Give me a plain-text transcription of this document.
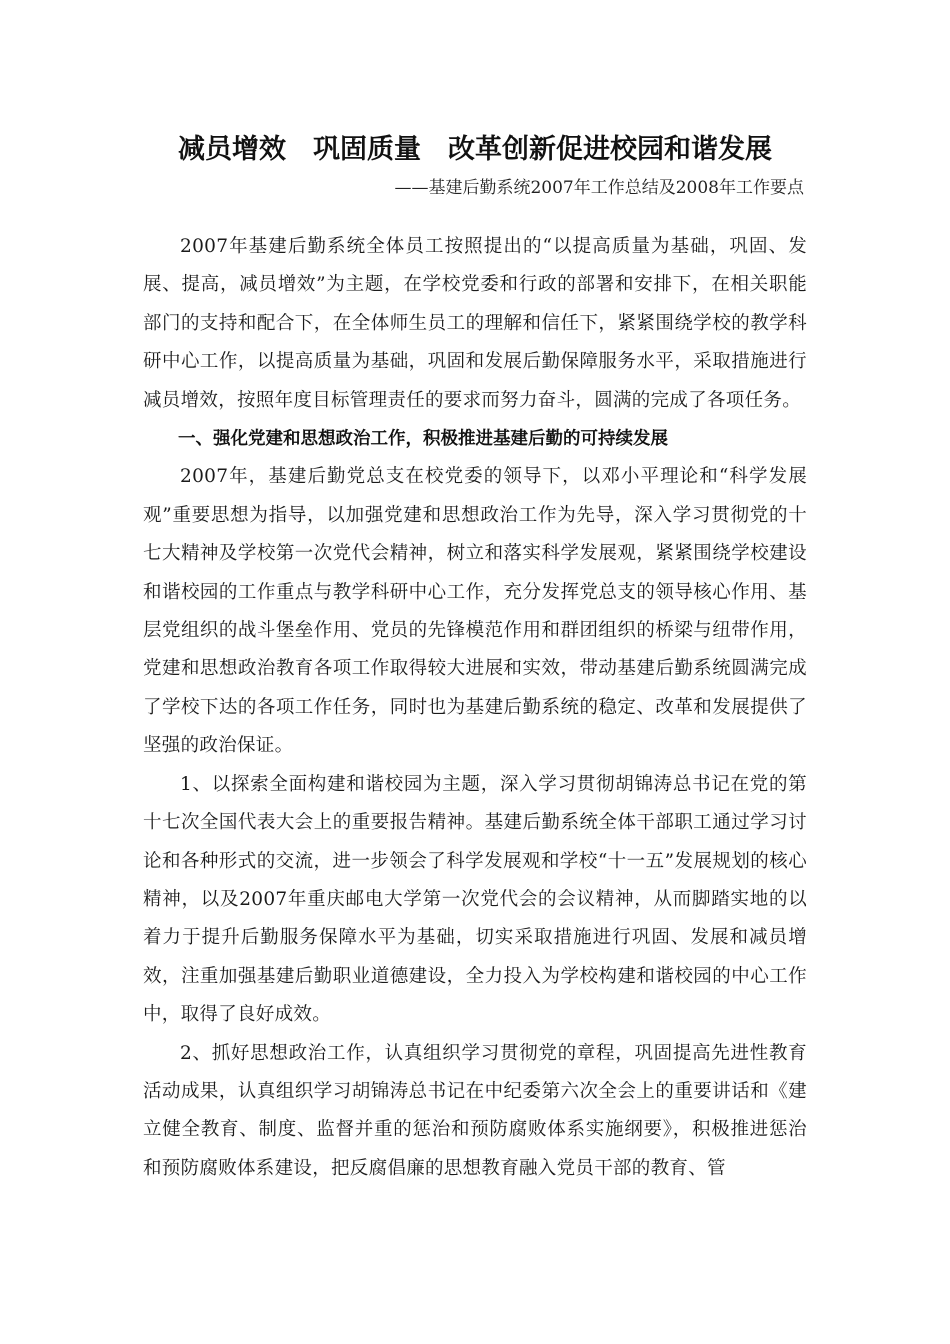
减员增效　巩固质量　改革创新促进校园和谐发展
——基建后勤系统2007年工作总结及2008年工作要点

2007年基建后勤系统全体员工按照提出的“以提高质量为基础，巩固、发展、提高，减员增效”为主题，在学校党委和行政的部署和安排下，在相关职能部门的支持和配合下，在全体师生员工的理解和信任下，紧紧围绕学校的教学科研中心工作，以提高质量为基础，巩固和发展后勤保障服务水平，采取措施进行减员增效，按照年度目标管理责任的要求而努力奋斗，圆满的完成了各项任务。

一、强化党建和思想政治工作，积极推进基建后勤的可持续发展

2007年，基建后勤党总支在校党委的领导下，以邓小平理论和“科学发展观”重要思想为指导，以加强党建和思想政治工作为先导，深入学习贯彻党的十七大精神及学校第一次党代会精神，树立和落实科学发展观，紧紧围绕学校建设和谐校园的工作重点与教学科研中心工作，充分发挥党总支的领导核心作用、基层党组织的战斗堡垒作用、党员的先锋模范作用和群团组织的桥梁与纽带作用，党建和思想政治教育各项工作取得较大进展和实效，带动基建后勤系统圆满完成了学校下达的各项工作任务，同时也为基建后勤系统的稳定、改革和发展提供了坚强的政治保证。

1、以探索全面构建和谐校园为主题，深入学习贯彻胡锦涛总书记在党的第十七次全国代表大会上的重要报告精神。基建后勤系统全体干部职工通过学习讨论和各种形式的交流，进一步领会了科学发展观和学校“十一五”发展规划的核心精神，以及2007年重庆邮电大学第一次党代会的会议精神，从而脚踏实地的以着力于提升后勤服务保障水平为基础，切实采取措施进行巩固、发展和减员增效，注重加强基建后勤职业道德建设，全力投入为学校构建和谐校园的中心工作中，取得了良好成效。

2、抓好思想政治工作，认真组织学习贯彻党的章程，巩固提高先进性教育活动成果，认真组织学习胡锦涛总书记在中纪委第六次全会上的重要讲话和《建立健全教育、制度、监督并重的惩治和预防腐败体系实施纲要》，积极推进惩治和预防腐败体系建设，把反腐倡廉的思想教育融入党员干部的教育、管
